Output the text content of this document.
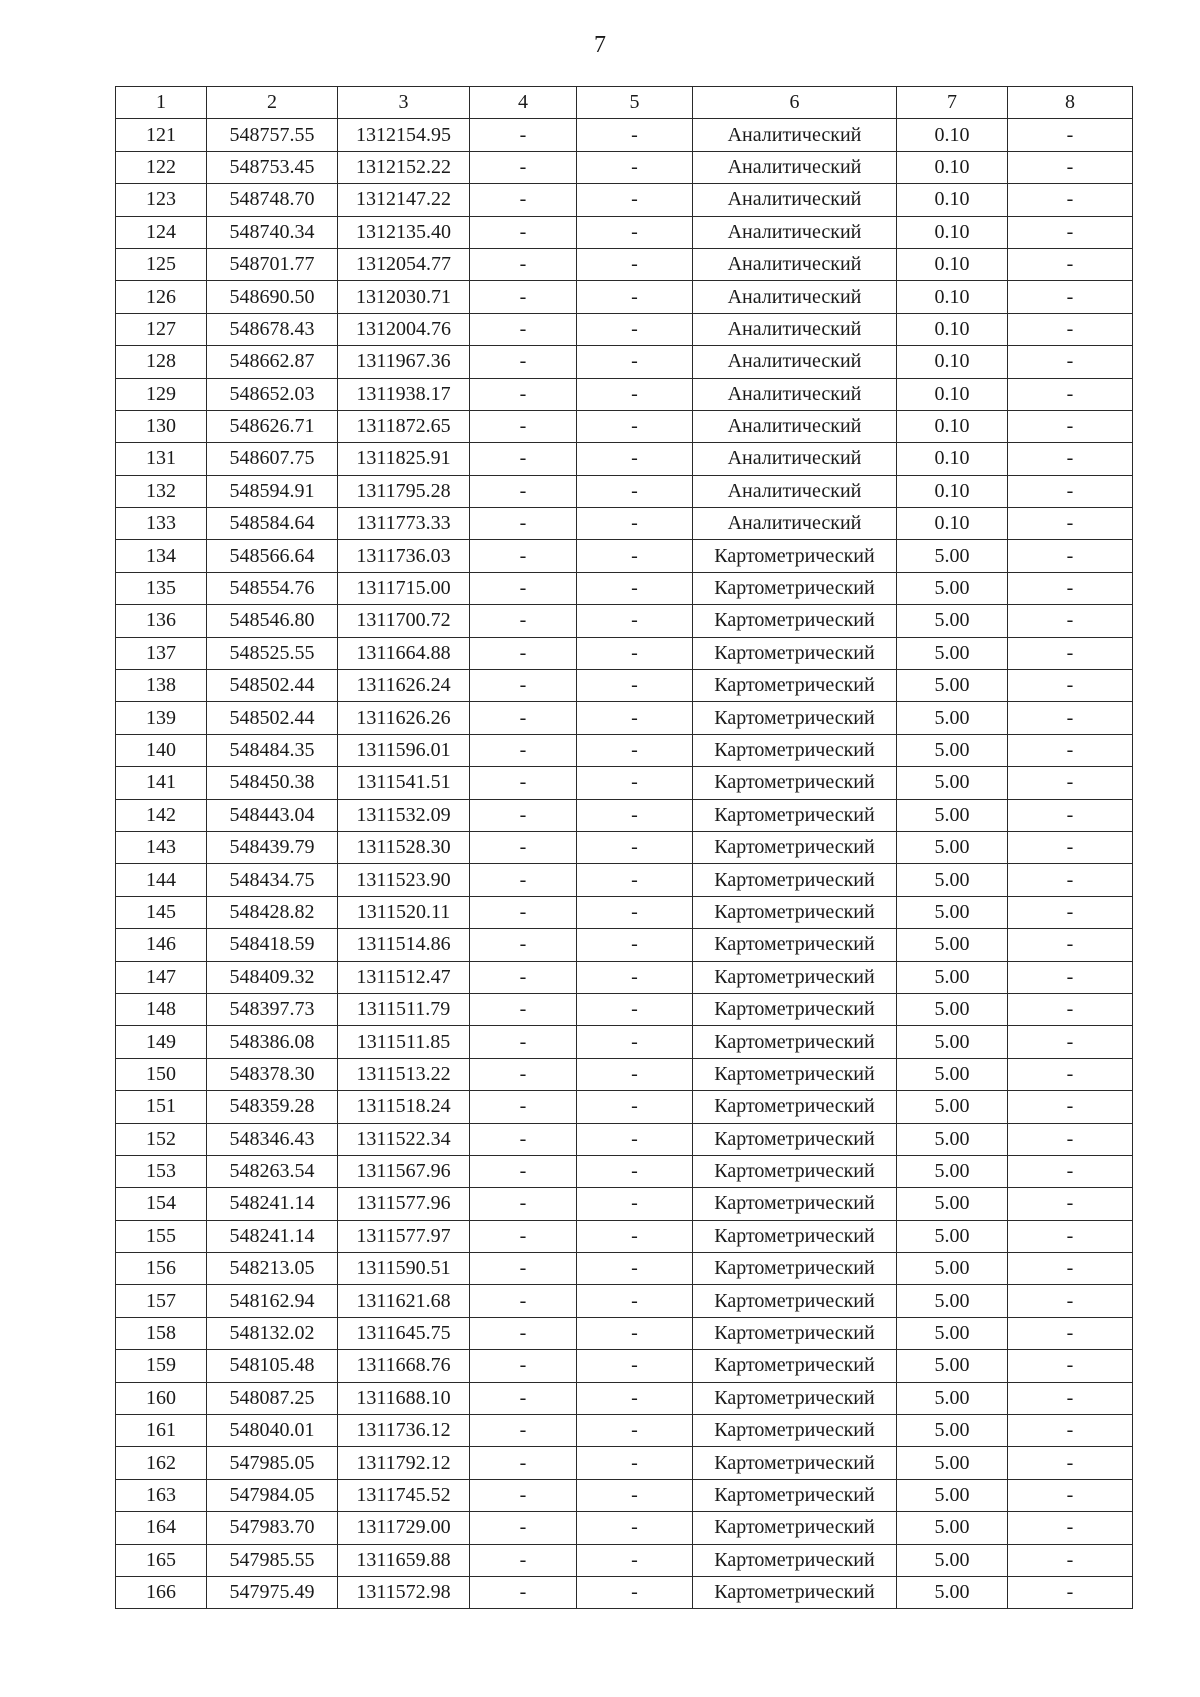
7
1	2	3	4	5	6	7	8
121	548757.55	1312154.95	-	-	Аналитический	0.10	-
122	548753.45	1312152.22	-	-	Аналитический	0.10	-
123	548748.70	1312147.22	-	-	Аналитический	0.10	-
124	548740.34	1312135.40	-	-	Аналитический	0.10	-
125	548701.77	1312054.77	-	-	Аналитический	0.10	-
126	548690.50	1312030.71	-	-	Аналитический	0.10	-
127	548678.43	1312004.76	-	-	Аналитический	0.10	-
128	548662.87	1311967.36	-	-	Аналитический	0.10	-
129	548652.03	1311938.17	-	-	Аналитический	0.10	-
130	548626.71	1311872.65	-	-	Аналитический	0.10	-
131	548607.75	1311825.91	-	-	Аналитический	0.10	-
132	548594.91	1311795.28	-	-	Аналитический	0.10	-
133	548584.64	1311773.33	-	-	Аналитический	0.10	-
134	548566.64	1311736.03	-	-	Картометрический	5.00	-
135	548554.76	1311715.00	-	-	Картометрический	5.00	-
136	548546.80	1311700.72	-	-	Картометрический	5.00	-
137	548525.55	1311664.88	-	-	Картометрический	5.00	-
138	548502.44	1311626.24	-	-	Картометрический	5.00	-
139	548502.44	1311626.26	-	-	Картометрический	5.00	-
140	548484.35	1311596.01	-	-	Картометрический	5.00	-
141	548450.38	1311541.51	-	-	Картометрический	5.00	-
142	548443.04	1311532.09	-	-	Картометрический	5.00	-
143	548439.79	1311528.30	-	-	Картометрический	5.00	-
144	548434.75	1311523.90	-	-	Картометрический	5.00	-
145	548428.82	1311520.11	-	-	Картометрический	5.00	-
146	548418.59	1311514.86	-	-	Картометрический	5.00	-
147	548409.32	1311512.47	-	-	Картометрический	5.00	-
148	548397.73	1311511.79	-	-	Картометрический	5.00	-
149	548386.08	1311511.85	-	-	Картометрический	5.00	-
150	548378.30	1311513.22	-	-	Картометрический	5.00	-
151	548359.28	1311518.24	-	-	Картометрический	5.00	-
152	548346.43	1311522.34	-	-	Картометрический	5.00	-
153	548263.54	1311567.96	-	-	Картометрический	5.00	-
154	548241.14	1311577.96	-	-	Картометрический	5.00	-
155	548241.14	1311577.97	-	-	Картометрический	5.00	-
156	548213.05	1311590.51	-	-	Картометрический	5.00	-
157	548162.94	1311621.68	-	-	Картометрический	5.00	-
158	548132.02	1311645.75	-	-	Картометрический	5.00	-
159	548105.48	1311668.76	-	-	Картометрический	5.00	-
160	548087.25	1311688.10	-	-	Картометрический	5.00	-
161	548040.01	1311736.12	-	-	Картометрический	5.00	-
162	547985.05	1311792.12	-	-	Картометрический	5.00	-
163	547984.05	1311745.52	-	-	Картометрический	5.00	-
164	547983.70	1311729.00	-	-	Картометрический	5.00	-
165	547985.55	1311659.88	-	-	Картометрический	5.00	-
166	547975.49	1311572.98	-	-	Картометрический	5.00	-
